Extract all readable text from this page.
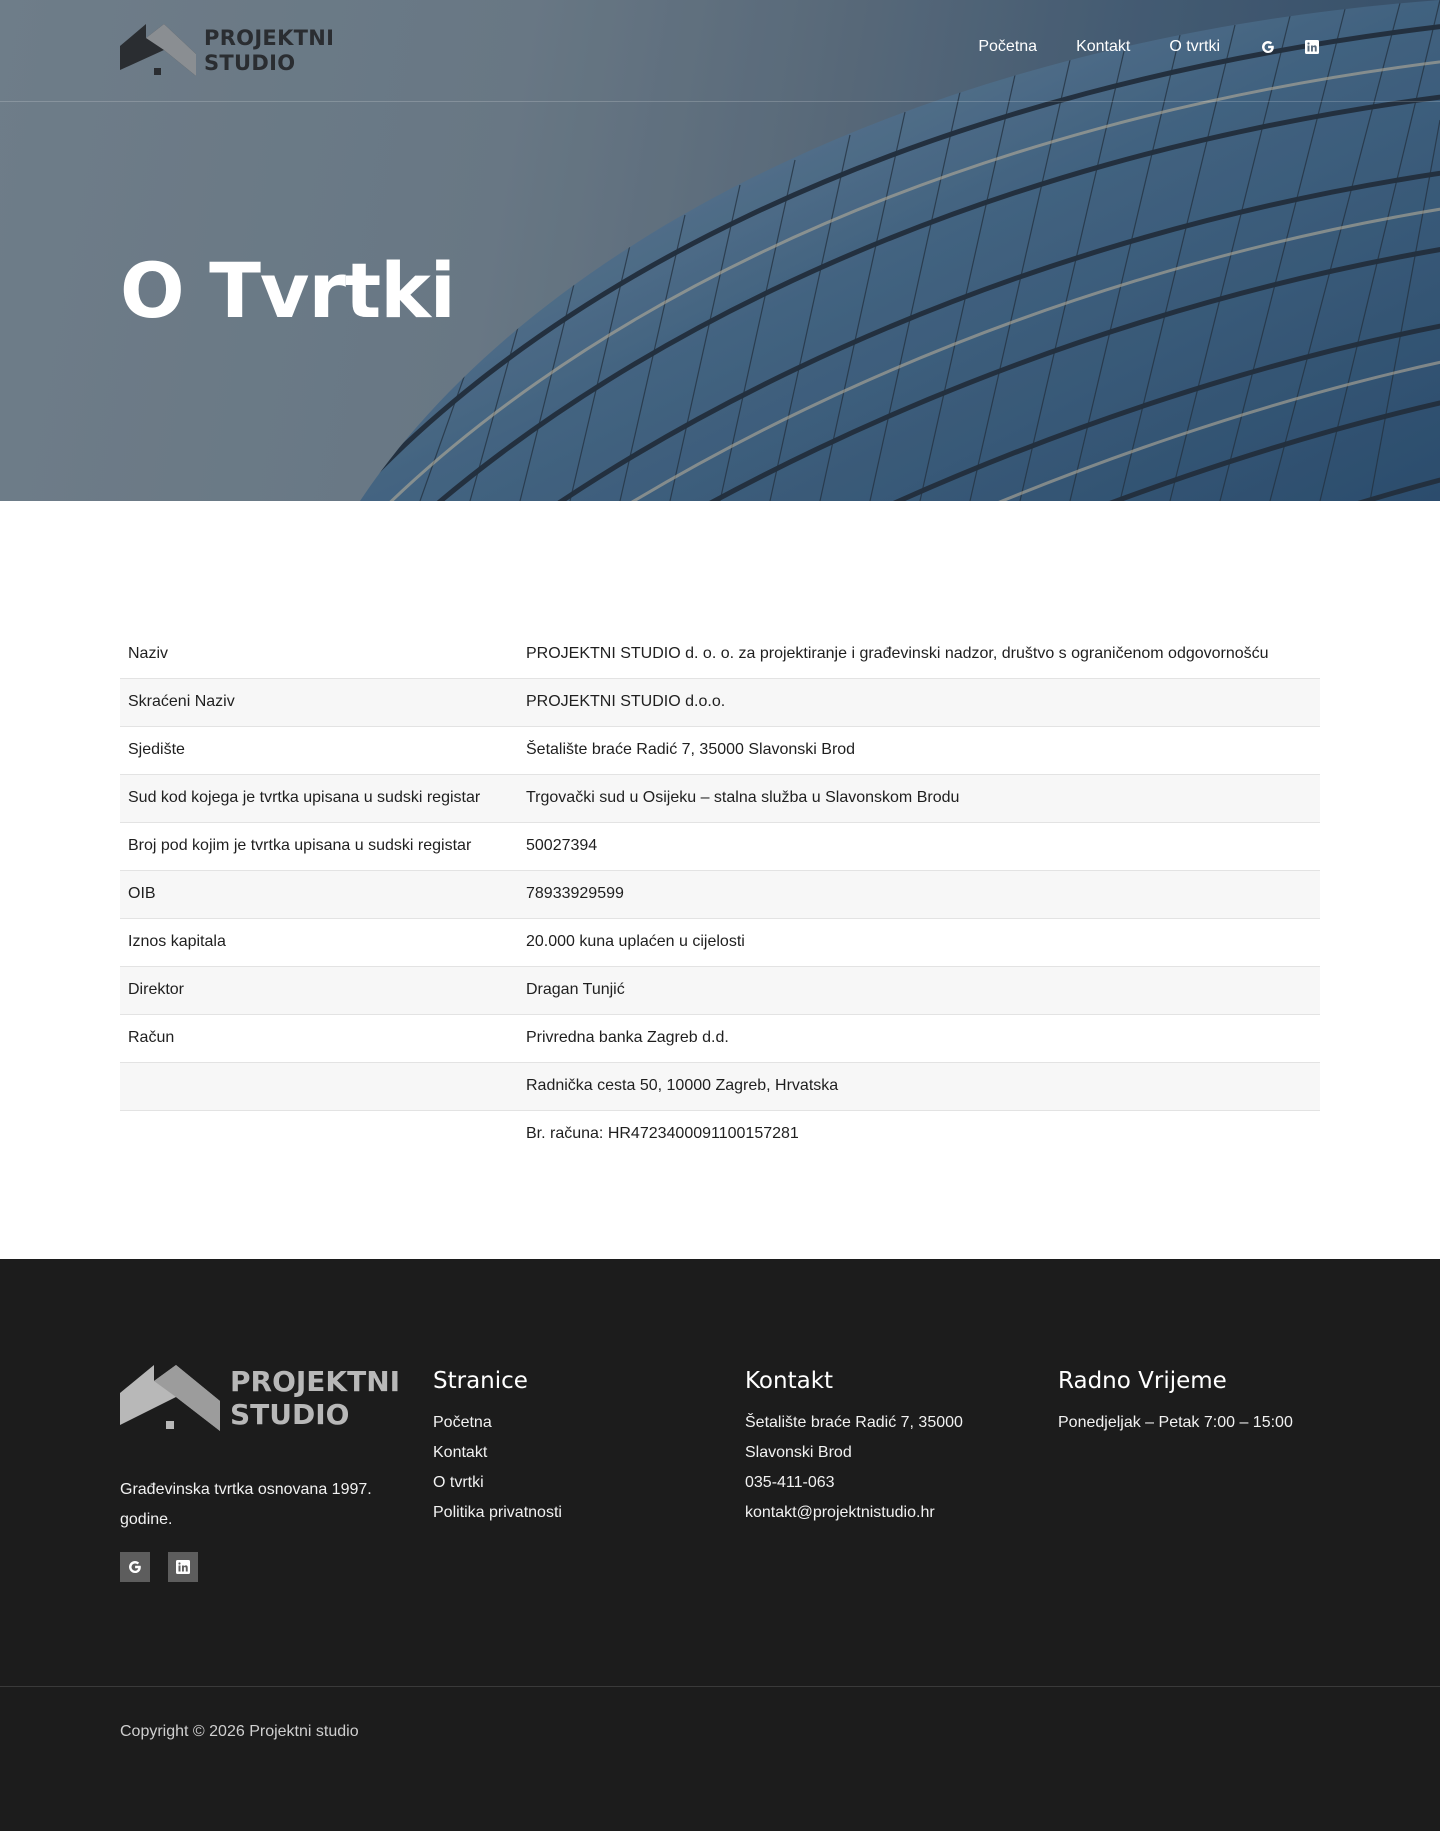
PROJEKTNI
STUDIO
Početna Kontakt O tvrtki
O Tvrtki
Naziv	PROJEKTNI STUDIO d. o. o. za projektiranje i građevinski nadzor, društvo s ograničenom odgovornošću
Skraćeni Naziv	PROJEKTNI STUDIO d.o.o.
Sjedište	Šetalište braće Radić 7, 35000 Slavonski Brod
Sud kod kojega je tvrtka upisana u sudski registar	Trgovački sud u Osijeku – stalna služba u Slavonskom Brodu
Broj pod kojim je tvrtka upisana u sudski registar	50027394
OIB	78933929599
Iznos kapitala	20.000 kuna uplaćen u cijelosti
Direktor	Dragan Tunjić
Račun	Privredna banka Zagreb d.d.
	Radnička cesta 50, 10000 Zagreb, Hrvatska
	Br. računa: HR4723400091100157281
PROJEKTNI
STUDIO
Građevinska tvrtka osnovana 1997. godine.
Stranice
Početna
Kontakt
O tvrtki
Politika privatnosti
Kontakt
Šetalište braće Radić 7, 35000 Slavonski Brod
035-411-063
kontakt@projektnistudio.hr
Radno Vrijeme
Ponedjeljak – Petak 7:00 – 15:00
Copyright © 2026 Projektni studio
